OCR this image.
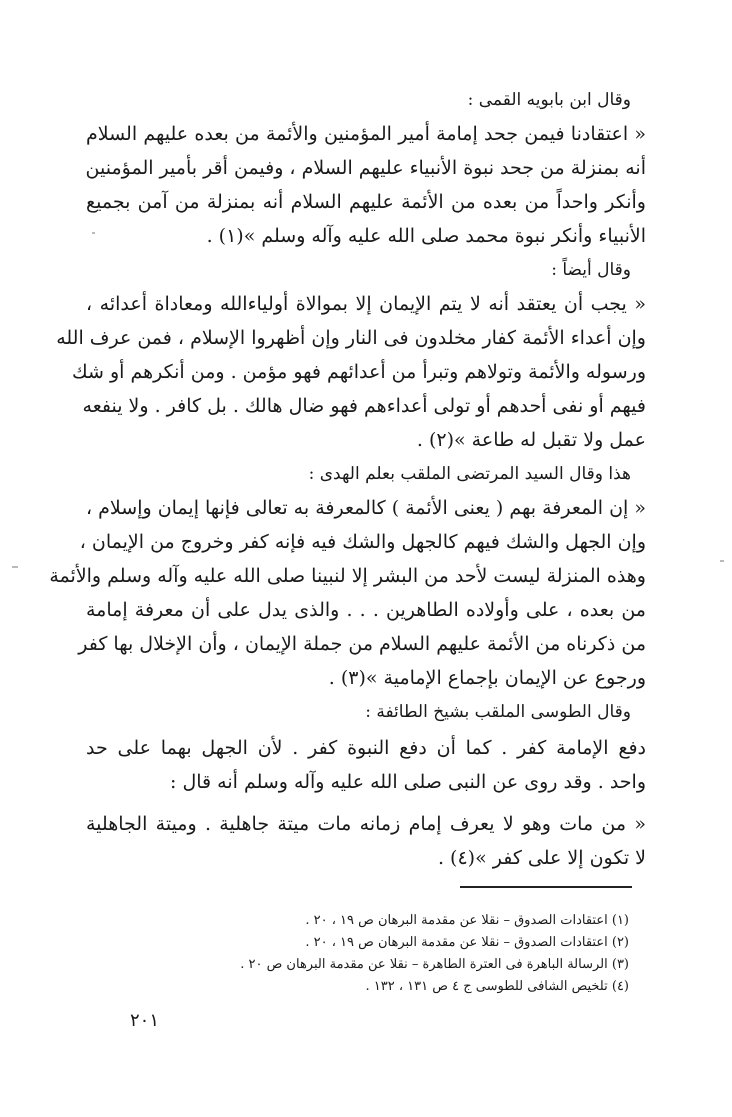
وقال ابن بابويه القمى :
« اعتقادنا فيمن جحد إمامة أمير المؤمنين والأئمة من بعده عليهم السلام
أنه بمنزلة من جحد نبوة الأنبياء عليهم السلام ، وفيمن أقر بأمير المؤمنين
وأنكر واحداً من بعده من الأئمة عليهم السلام أنه بمنزلة من آمن بجميع
الأنبياء وأنكر نبوة محمد صلى الله عليه وآله وسلم »(١) .
وقال أيضاً :
« يجب أن يعتقد أنه لا يتم الإيمان إلا بموالاة أولياءالله ومعاداة أعدائه ،
وإن أعداء الأئمة كفار مخلدون فى النار وإن أظهروا الإسلام ، فمن عرف الله
ورسوله والأئمة وتولاهم وتبرأ من أعدائهم فهو مؤمن . ومن أنكرهم أو شك
فيهم أو نفى أحدهم أو تولى أعداءهم فهو ضال هالك . بل كافر . ولا ينفعه
عمل ولا تقبل له طاعة »(٢) .
هذا وقال السيد المرتضى الملقب بعلم الهدى :
« إن المعرفة بهم ( يعنى الأئمة ) كالمعرفة به تعالى فإنها إيمان وإسلام ،
وإن الجهل والشك فيهم كالجهل والشك فيه فإنه كفر وخروج من الإيمان ،
وهذه المنزلة ليست لأحد من البشر إلا لنبينا صلى الله عليه وآله وسلم والأئمة
من بعده ، على وأولاده الطاهرين . . . والذى يدل على أن معرفة إمامة
من ذكرناه من الأئمة عليهم السلام من جملة الإيمان ، وأن الإخلال بها كفر
ورجوع عن الإيمان بإجماع الإمامية »(٣) .
وقال الطوسى الملقب بشيخ الطائفة :
دفع الإمامة كفر . كما أن دفع النبوة كفر . لأن الجهل بهما على حد
واحد . وقد روى عن النبى صلى الله عليه وآله وسلم أنه قال :
« من مات وهو لا يعرف إمام زمانه مات ميتة جاهلية . وميتة الجاهلية
لا تكون إلا على كفر »(٤) .
(١) اعتقادات الصدوق – نقلا عن مقدمة البرهان ص ١٩ ، ٢٠ .
(٢) اعتقادات الصدوق – نقلا عن مقدمة البرهان ص ١٩ ، ٢٠ .
(٣) الرسالة الباهرة فى العترة الطاهرة – نقلا عن مقدمة البرهان ص ٢٠ .
(٤) تلخيص الشافى للطوسى ج ٤ ص ١٣١ ، ١٣٢ .
٢٠١
